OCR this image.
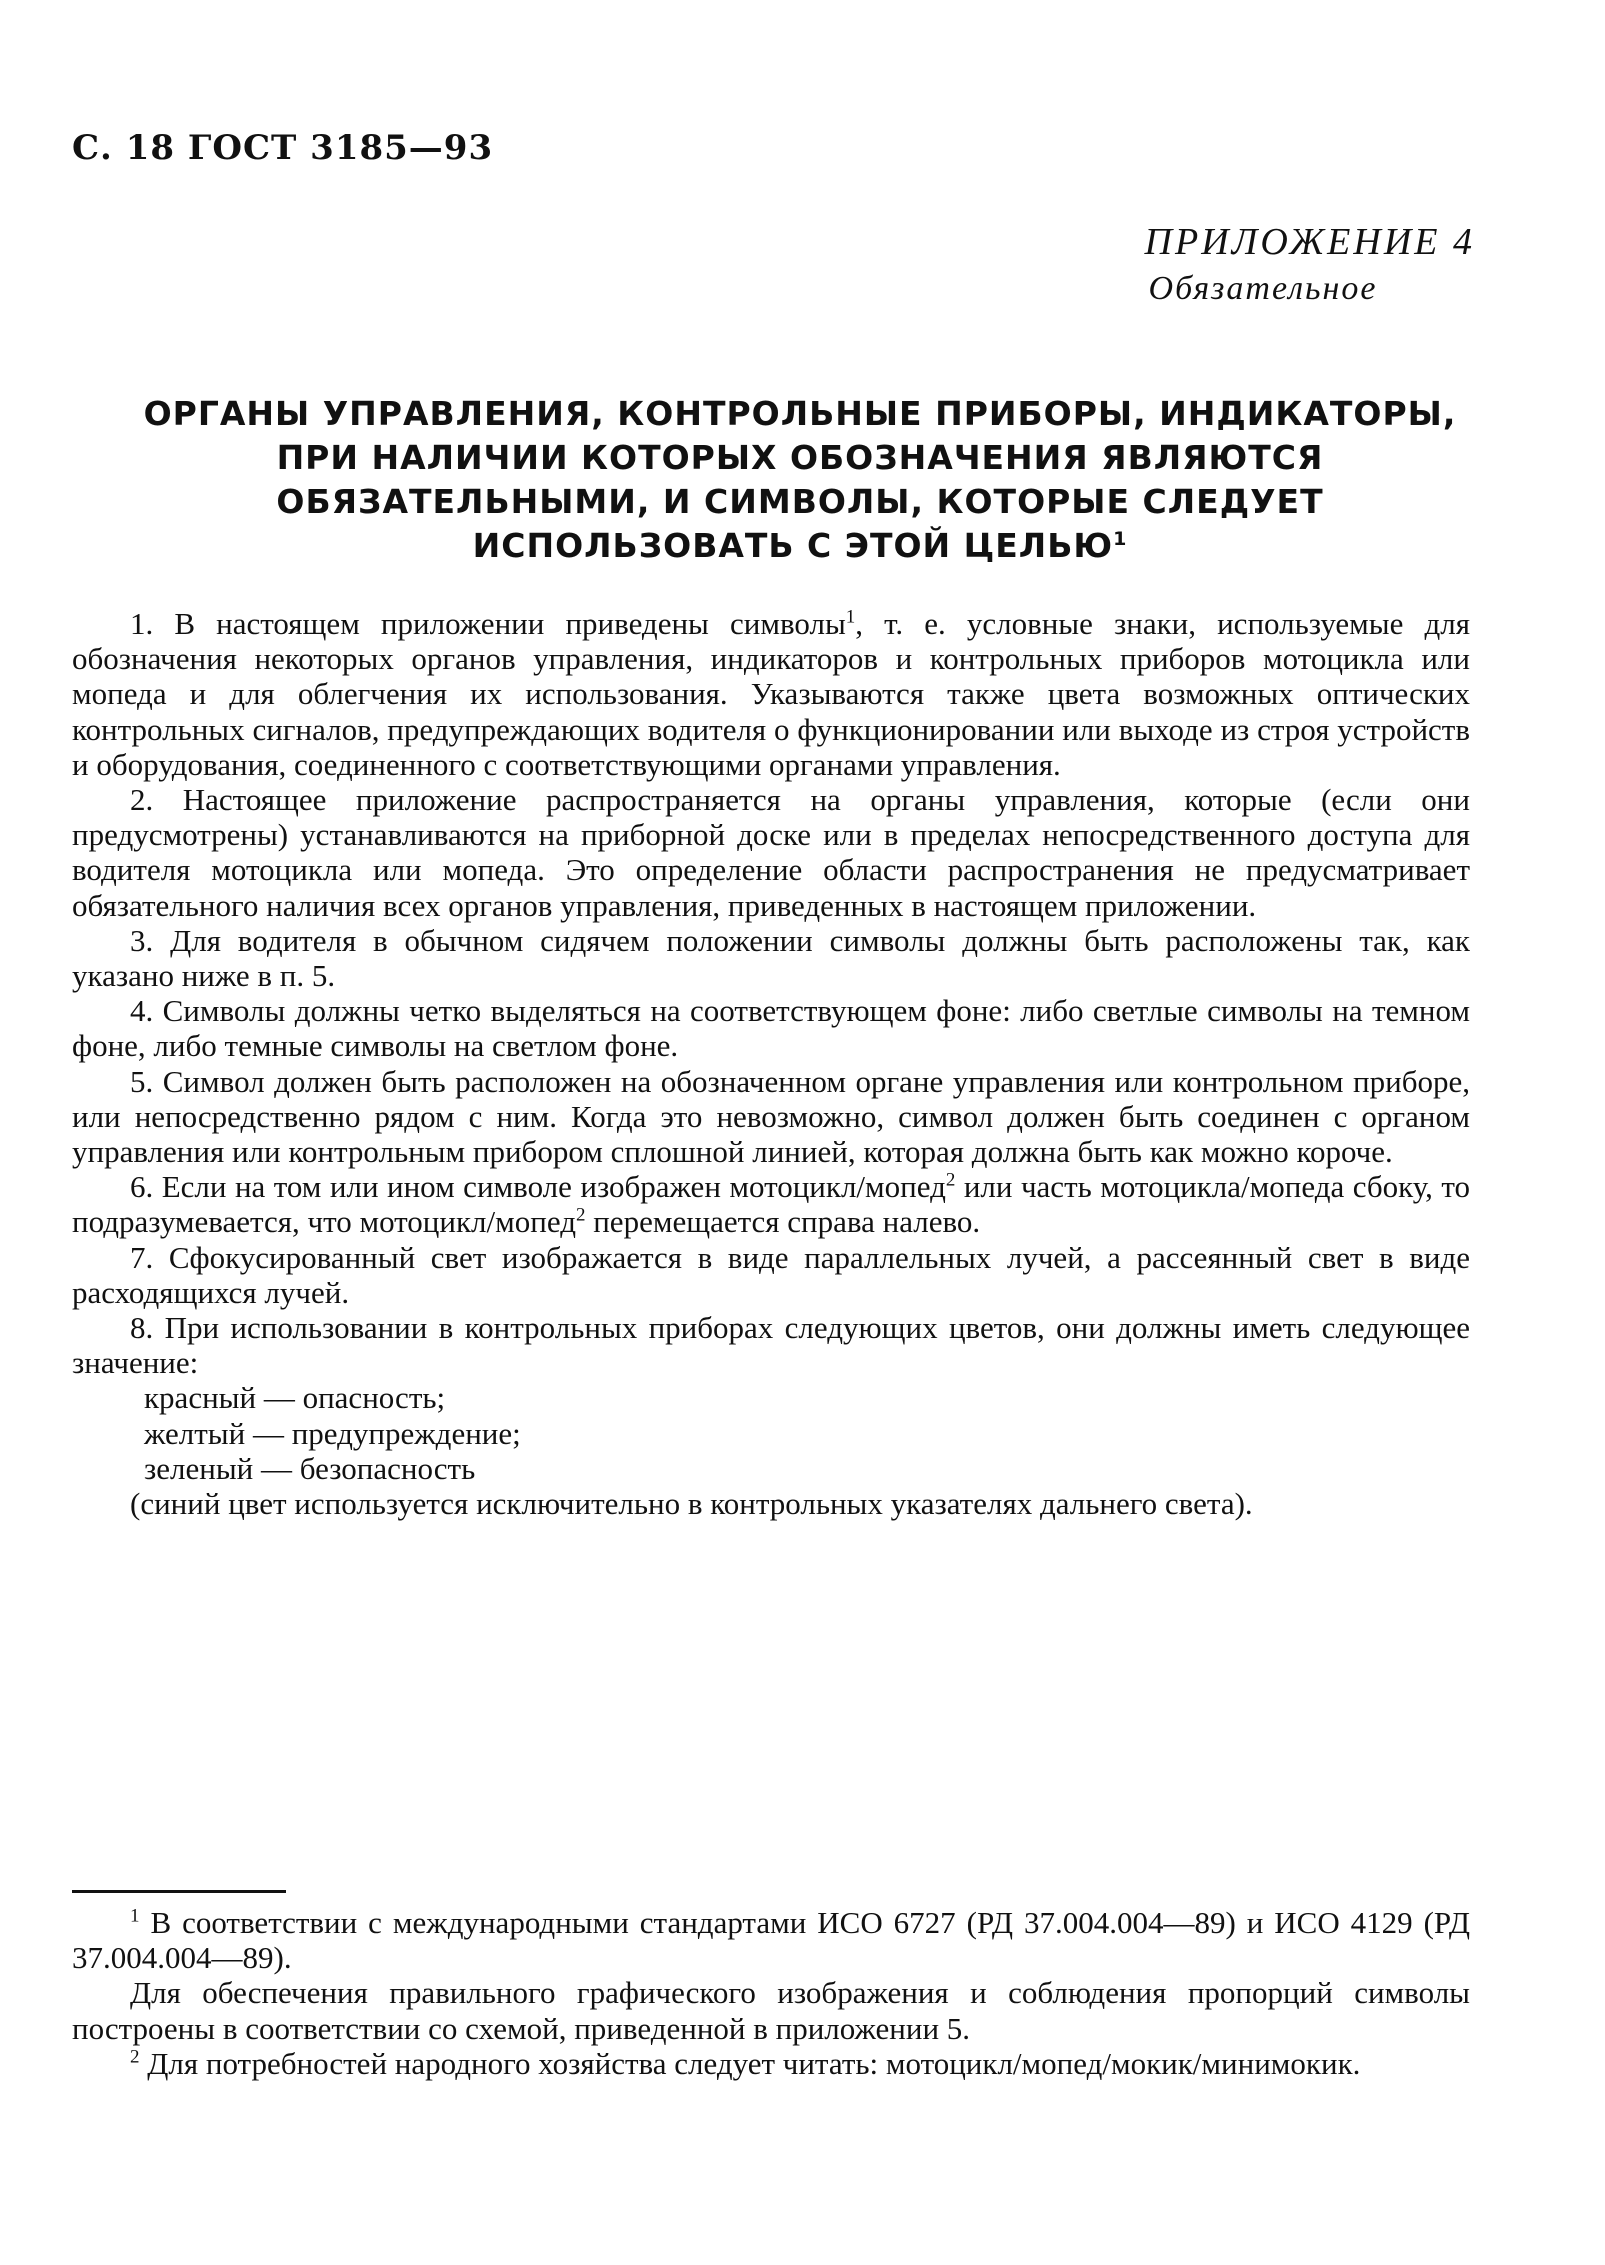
С. 18 ГОСТ 3185—93
ПРИЛОЖЕНИЕ 4
Обязательное
ОРГАНЫ УПРАВЛЕНИЯ, КОНТРОЛЬНЫЕ ПРИБОРЫ, ИНДИКАТОРЫ,
ПРИ НАЛИЧИИ КОТОРЫХ ОБОЗНАЧЕНИЯ ЯВЛЯЮТСЯ
ОБЯЗАТЕЛЬНЫМИ, И СИМВОЛЫ, КОТОРЫЕ СЛЕДУЕТ
ИСПОЛЬЗОВАТЬ С ЭТОЙ ЦЕЛЬЮ$^1$

1. В настоящем приложении приведены символы$^1$, т. е. условные знаки, используемые для обозначения некоторых органов управления, индикаторов и контрольных приборов мотоцикла или мопеда и для облегчения их использования. Указываются также цвета возможных оптических контрольных сигналов, предупреждающих водителя о функционировании или выходе из строя устройств и оборудования, соединенного с соответствующими органами управления.

2. Настоящее приложение распространяется на органы управления, которые (если они предусмотрены) устанавливаются на приборной доске или в пределах непосредственного доступа для водителя мотоцикла или мопеда. Это определение области распространения не предусматривает обязательного наличия всех органов управления, приведенных в настоящем приложении.

3. Для водителя в обычном сидячем положении символы должны быть расположены так, как указано ниже в п. 5.

4. Символы должны четко выделяться на соответствующем фоне: либо светлые символы на темном фоне, либо темные символы на светлом фоне.

5. Символ должен быть расположен на обозначенном органе управления или контрольном приборе, или непосредственно рядом с ним. Когда это невозможно, символ должен быть соединен с органом управления или контрольным прибором сплошной линией, которая должна быть как можно короче.

6. Если на том или ином символе изображен мотоцикл/мопед$^2$ или часть мотоцикла/мопеда сбоку, то подразумевается, что мотоцикл/мопед$^2$ перемещается справа налево.

7. Сфокусированный свет изображается в виде параллельных лучей, а рассеянный свет в виде расходящихся лучей.

8. При использовании в контрольных приборах следующих цветов, они должны иметь следующее значение:

красный — опасность;

желтый — предупреждение;

зеленый — безопасность

(синий цвет используется исключительно в контрольных указателях дальнего света).

$^1$ В соответствии с международными стандартами ИСО 6727 (РД 37.004.004—89) и ИСО 4129 (РД 37.004.004—89).

Для обеспечения правильного графического изображения и соблюдения пропорций символы построены в соответствии со схемой, приведенной в приложении 5.

$^2$ Для потребностей народного хозяйства следует читать: мотоцикл/мопед/мокик/минимокик.
